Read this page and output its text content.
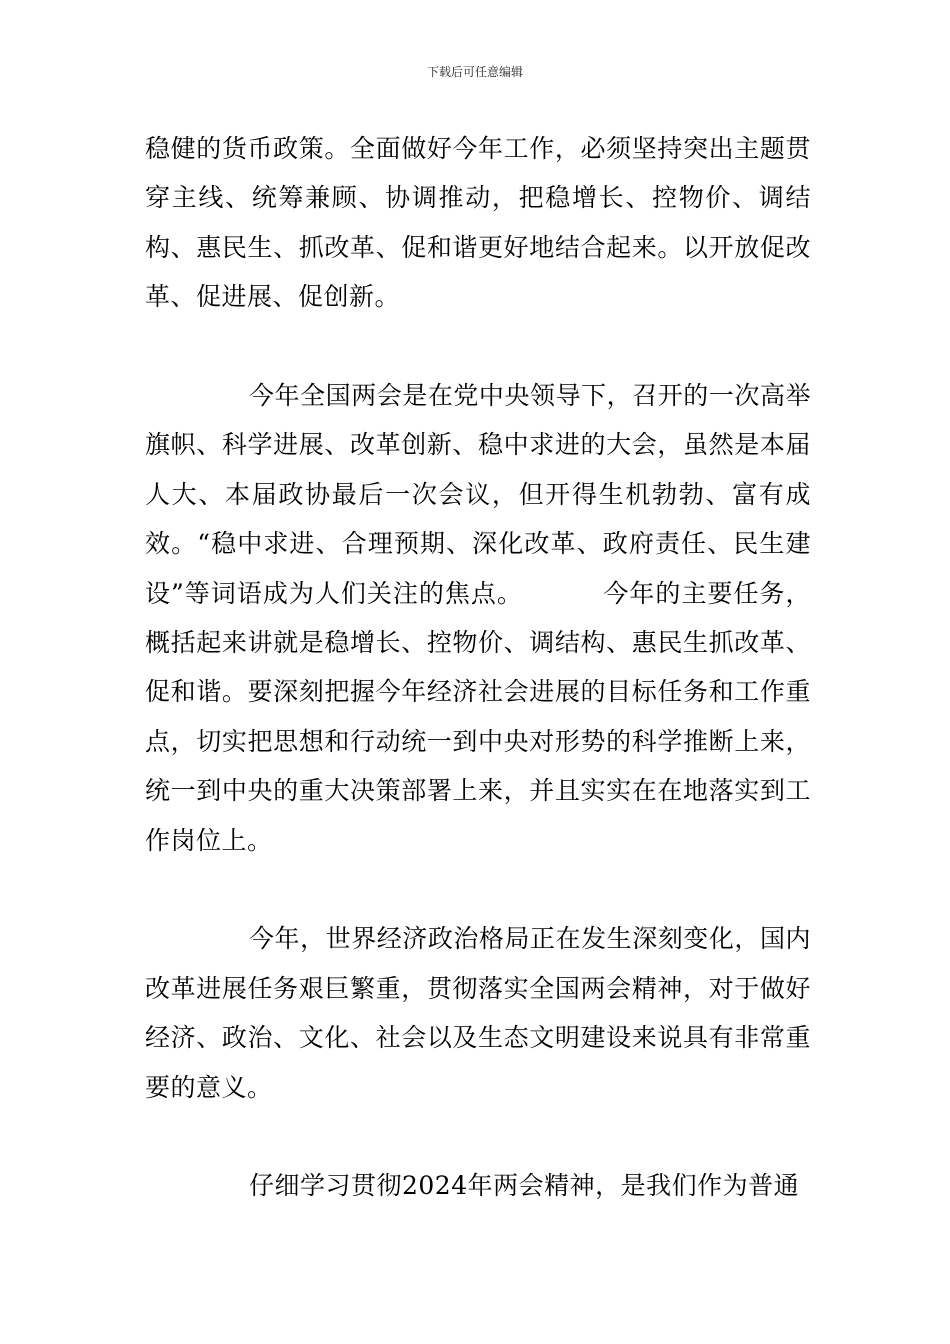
下载后可任意编辑

稳健的货币政策。全面做好今年工作，必须坚持突出主题贯穿主线、统筹兼顾、协调推动，把稳增长、控物价、调结构、惠民生、抓改革、促和谐更好地结合起来。以开放促改革、促进展、促创新。

今年全国两会是在党中央领导下，召开的一次高举旗帜、科学进展、改革创新、稳中求进的大会，虽然是本届人大、本届政协最后一次会议，但开得生机勃勃、富有成效。“稳中求进、合理预期、深化改革、政府责任、民生建设”等词语成为人们关注的焦点。	今年的主要任务，概括起来讲就是稳增长、控物价、调结构、惠民生抓改革、促和谐。要深刻把握今年经济社会进展的目标任务和工作重点，切实把思想和行动统一到中央对形势的科学推断上来，统一到中央的重大决策部署上来，并且实实在在地落实到工作岗位上。

今年，世界经济政治格局正在发生深刻变化，国内改革进展任务艰巨繁重，贯彻落实全国两会精神，对于做好经济、政治、文化、社会以及生态文明建设来说具有非常重要的意义。

仔细学习贯彻2024年两会精神，是我们作为普通
